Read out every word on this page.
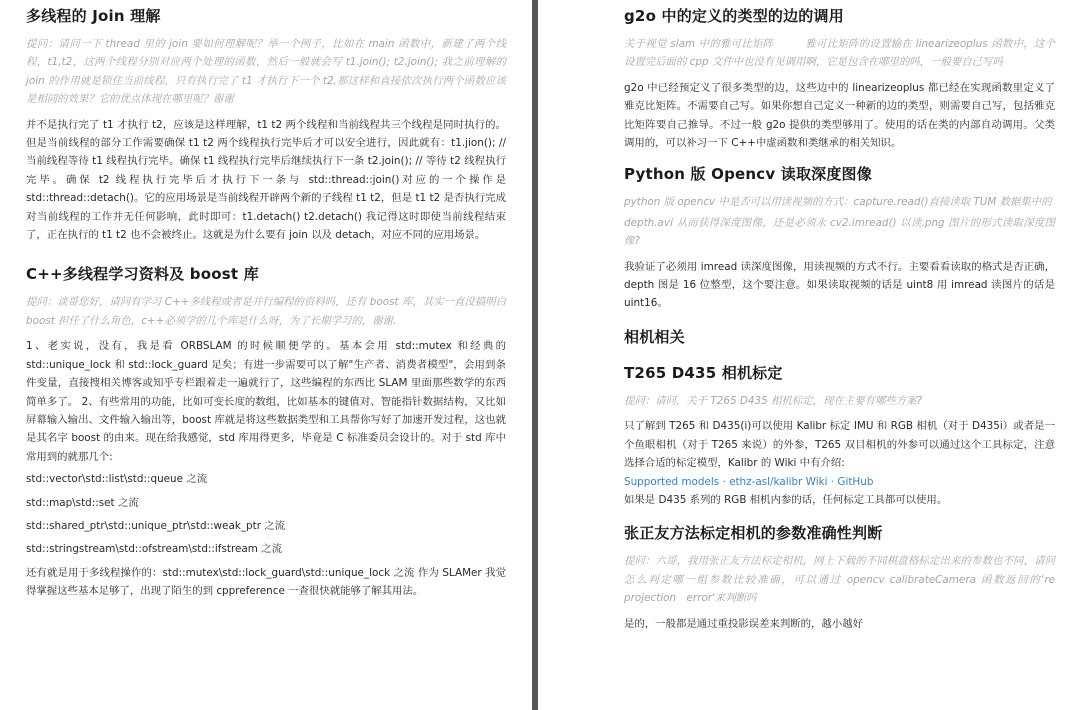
多线程的 Join 理解

提问：请问一下 thread 里的 join 要如何理解呢？举一个例子，比如在 main 函数中，新建了两个线程，t1,t2，这两个线程分别对应两个处理的函数，然后一般就会写 t1.join(); t2.join(); 我之前理解的 join 的作用就是锁住当前线程，只有执行完了 t1 才执行下一个 t2,那这样和直接依次执行两个函数应该是相同的效果？它的优点体现在哪里呢？谢谢

并不是执行完了 t1 才执行 t2，应该是这样理解，t1 t2 两个线程和当前线程共三个线程是同时执行的。但是当前线程的部分工作需要确保 t1 t2 两个线程执行完毕后才可以安全进行，因此就有：t1.jion(); // 当前线程等待 t1 线程执行完毕。确保 t1 线程执行完毕后继续执行下一条 t2.join(); // 等待 t2 线程执行完毕。确保 t2 线程执行完毕后才执行下一条与 std::thread::join()对应的一个操作是 std::thread::detach()。它的应用场景是当前线程开辟两个新的子线程 t1 t2，但是 t1 t2 是否执行完成对当前线程的工作并无任何影响，此时即可：t1.detach() t2.detach() 我记得这时即使当前线程结束了，正在执行的 t1 t2 也不会被终止。这就是为什么要有 join 以及 detach，对应不同的应用场景。

C++多线程学习资料及 boost 库

提问：谈哥您好，请问有学习 C++多线程或者是并行编程的资料吗，还有 boost 库，其实一直没搞明白 boost 担任了什么角色，c++必须学的几个库是什么呀，为了长期学习的，谢谢.

1、老实说，没有，我是看 ORBSLAM 的时候顺便学的。基本会用 std::mutex 和经典的 std::unique_lock 和 std::lock_guard 足矣；有进一步需要可以了解"生产者、消费者模型"，会用到条件变量，直接搜相关博客或知乎专栏跟着走一遍就行了，这些编程的东西比 SLAM 里面那些数学的东西简单多了。 2、有些常用的功能，比如可变长度的数组，比如基本的键值对、智能指针数据结构，又比如屏幕输入输出、文件输入输出等，boost 库就是将这些数据类型和工具帮你写好了加速开发过程，这也就是其名字 boost 的由来。现在给我感觉，std 库用得更多，毕竟是 C 标准委员会设计的。对于 std 库中常用到的就那几个:

std::vector\std::list\std::queue 之流

std::map\std::set 之流

std::shared_ptr\std::unique_ptr\std::weak_ptr 之流

std::stringstream\std::ofstream\std::ifstream 之流

还有就是用于多线程操作的：std::mutex\std::lock_guard\std::unique_lock 之流 作为 SLAMer 我觉得掌握这些基本足够了，出现了陌生的到 cppreference 一查很快就能够了解其用法。

g2o 中的定义的类型的边的调用

关于视觉 slam 中的雅可比矩阵　　　雅可比矩阵的设置输在 linearizeoplus 函数中，这个设置完后面的 cpp 文件中也没有见调用啊，它是包含在哪里的吗，一般要自己写吗

g2o 中已经预定义了很多类型的边，这些边中的 linearizeoplus 都已经在实现函数里定义了雅克比矩阵。不需要自己写。如果你想自己定义一种新的边的类型，则需要自己写，包括雅克比矩阵要自己推导。不过一般 g2o 提供的类型够用了。使用的话在类的内部自动调用。父类调用的，可以补习一下 C++中虚函数和类继承的相关知识。

Python 版 Opencv 读取深度图像

python 版 opencv 中是否可以用读视频的方式：capture.read()直接读取 TUM 数据集中的

depth.avi 从而获得深度图像，还是必须永 cv2.imread() 以读.png 图片的形式读取深度图像?

我验证了必须用 imread 读深度图像，用读视频的方式不行。主要看看读取的格式是否正确，depth 图是 16 位整型，这个要注意。如果读取视频的话是 uint8 用 imread 读图片的话是 uint16。

相机相关
T265 D435 相机标定

提问：请问，关于 T265 D435 相机标定，现在主要有哪些方案?

只了解到 T265 和 D435(i)可以使用 Kalibr 标定 IMU 和 RGB 相机（对于 D435i）或者是一个鱼眼相机（对于 T265 来说）的外参，T265 双目相机的外参可以通过这个工具标定，注意选择合适的标定模型，Kalibr 的 Wiki 中有介绍:

Supported models · ethz-asl/kalibr Wiki · GitHub

如果是 D435 系列的 RGB 相机内参的话，任何标定工具都可以使用。

张正友方法标定相机的参数准确性判断

提问：六哥，我用张正友方法标定相机，网上下载的不同棋盘格标定出来的参数也不同，请问怎么判定哪一组参数比较准确，可以通过 opencv calibrateCamera 函数返回的're projection　error'来判断吗

是的，一般都是通过重投影误差来判断的，越小越好
